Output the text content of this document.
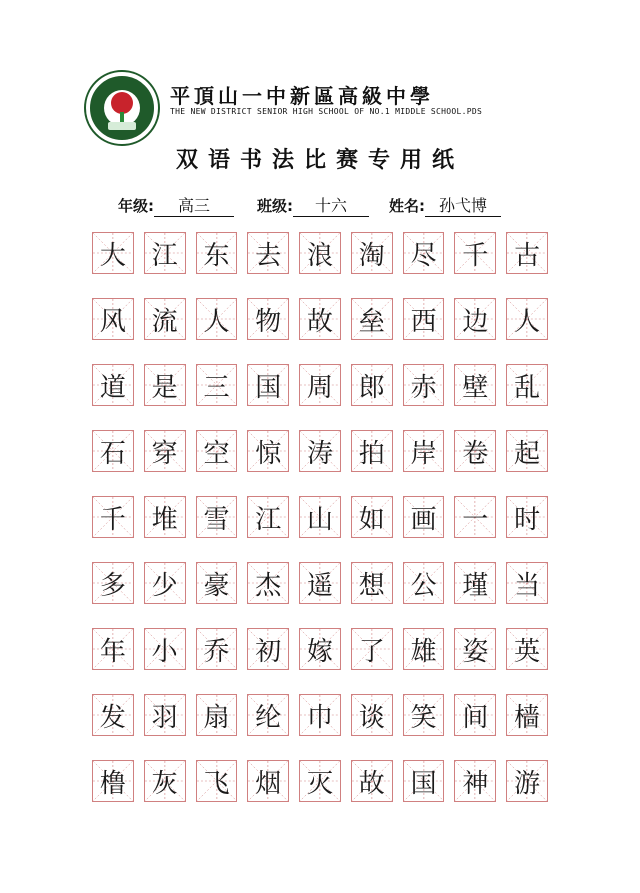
平頂山一中新區高級中學
THE NEW DISTRICT SENIOR HIGH SCHOOL OF NO.1 MIDDLE SCHOOL.PDS
双语书法比赛专用纸
年级: 高三	班级: 十六	姓名: 孙弋博
大 江 东 去 浪 淘 尽 千 古
风 流 人 物 故 垒 西 边 人
道 是 三 国 周 郎 赤 壁 乱
石 穿 空 惊 涛 拍 岸 卷 起
千 堆 雪 江 山 如 画 一 时
多 少 豪 杰 遥 想 公 瑾 当
年 小 乔 初 嫁 了 雄 姿 英
发 羽 扇 纶 巾 谈 笑 间 樯
橹 灰 飞 烟 灭 故 国 神 游
